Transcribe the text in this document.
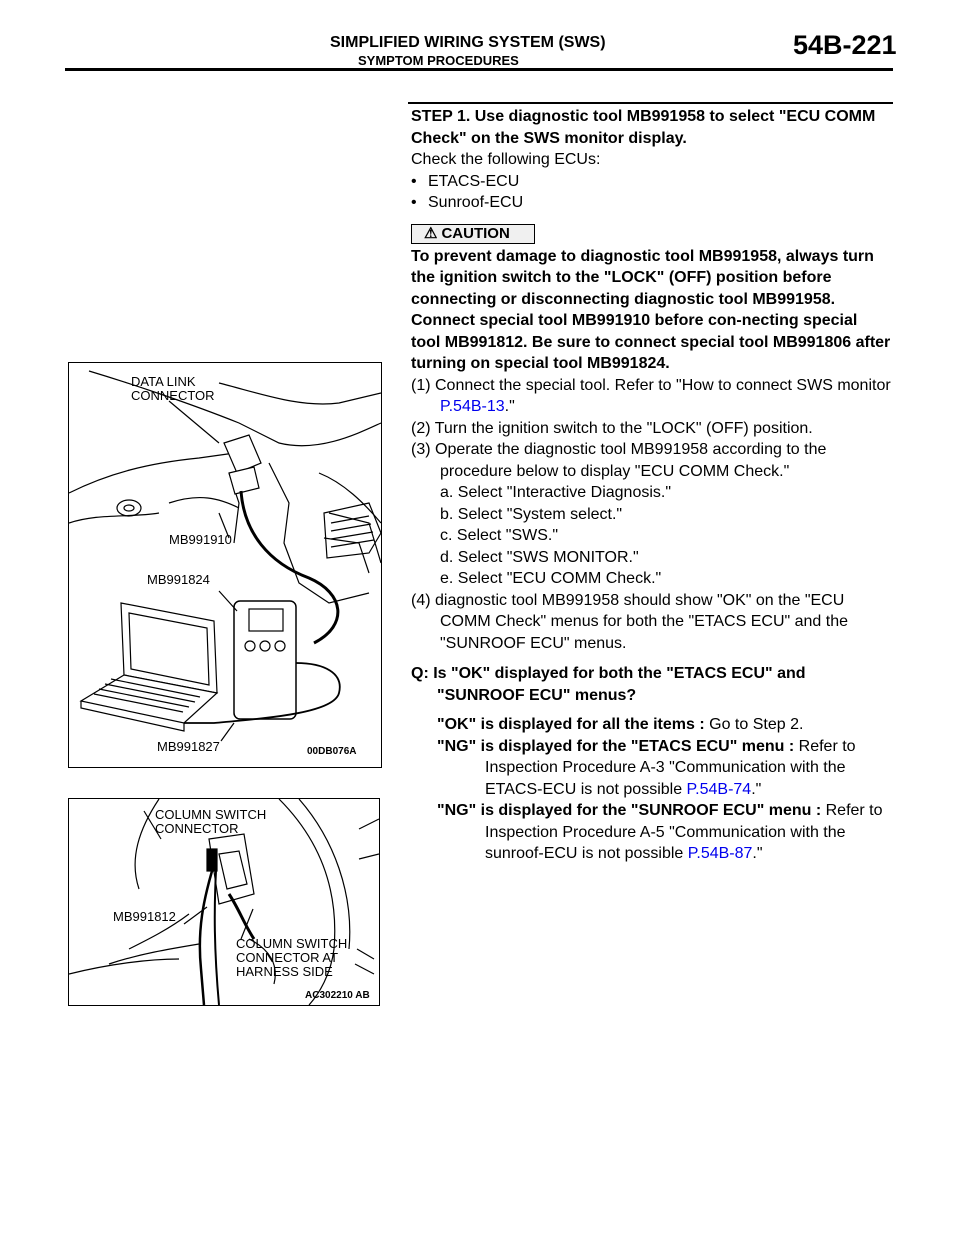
SIMPLIFIED WIRING SYSTEM (SWS)
SYMPTOM PROCEDURES
54B-221

STEP 1. Use diagnostic tool MB991958 to select "ECU COMM Check" on the SWS monitor display.

Check the following ECUs:

• ETACS-ECU

• Sunroof-ECU

⚠ CAUTION

To prevent damage to diagnostic tool MB991958, always turn the ignition switch to the "LOCK" (OFF) position before connecting or disconnecting diagnostic tool MB991958. Connect special tool MB991910 before con-necting special tool MB991812. Be sure to connect special tool MB991806 after turning on special tool MB991824.

(1) Connect the special tool. Refer to "How to connect SWS monitor P.54B-13."

(2) Turn the ignition switch to the "LOCK" (OFF) position.

(3) Operate the diagnostic tool MB991958 according to the procedure below to display "ECU COMM Check."

a. Select "Interactive Diagnosis."
b. Select "System select."
c. Select "SWS."
d. Select "SWS MONITOR."
e. Select "ECU COMM Check."

(4) diagnostic tool MB991958 should show "OK" on the "ECU COMM Check" menus for both the "ETACS ECU" and the "SUNROOF ECU" menus.

Q: Is "OK" displayed for both the "ETACS ECU" and "SUNROOF ECU" menus?

"OK" is displayed for all the items : Go to Step 2.
"NG" is displayed for the "ETACS ECU" menu : Refer to Inspection Procedure A-3 "Communication with the ETACS-ECU is not possible P.54B-74."
"NG" is displayed for the "SUNROOF ECU" menu : Refer to Inspection Procedure A-5 "Communication with the sunroof-ECU is not possible P.54B-87."
DATA LINK
CONNECTOR
MB991910
MB991824
MB991827	00DB076A
COLUMN SWITCH
CONNECTOR
MB991812
COLUMN SWITCH
CONNECTOR AT
HARNESS SIDE
AC302210 AB
